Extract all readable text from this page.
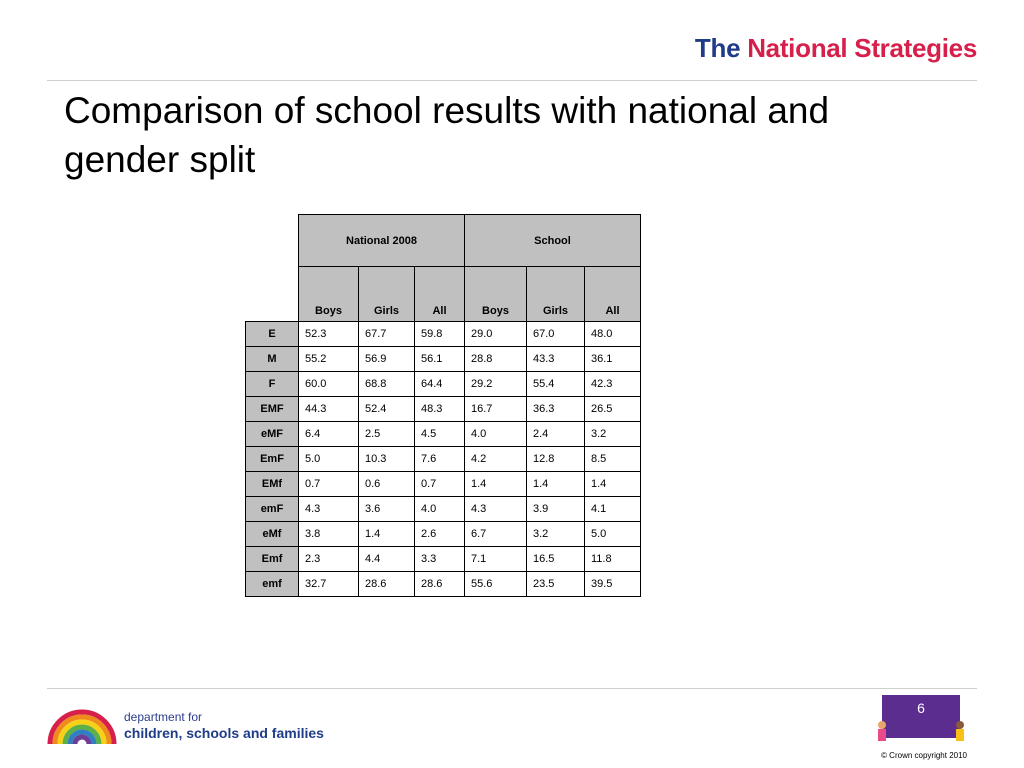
The National Strategies
Comparison of school results with national and gender split
	National 2008			School		
	Boys	Girls	All	Boys	Girls	All
E	52.3	67.7	59.8	29.0	67.0	48.0
M	55.2	56.9	56.1	28.8	43.3	36.1
F	60.0	68.8	64.4	29.2	55.4	42.3
EMF	44.3	52.4	48.3	16.7	36.3	26.5
eMF	6.4	2.5	4.5	4.0	2.4	3.2
EmF	5.0	10.3	7.6	4.2	12.8	8.5
EMf	0.7	0.6	0.7	1.4	1.4	1.4
emF	4.3	3.6	4.0	4.3	3.9	4.1
eMf	3.8	1.4	2.6	6.7	3.2	5.0
Emf	2.3	4.4	3.3	7.1	16.5	11.8
emf	32.7	28.6	28.6	55.6	23.5	39.5
department for
children, schools and families
6
© Crown copyright 2010
